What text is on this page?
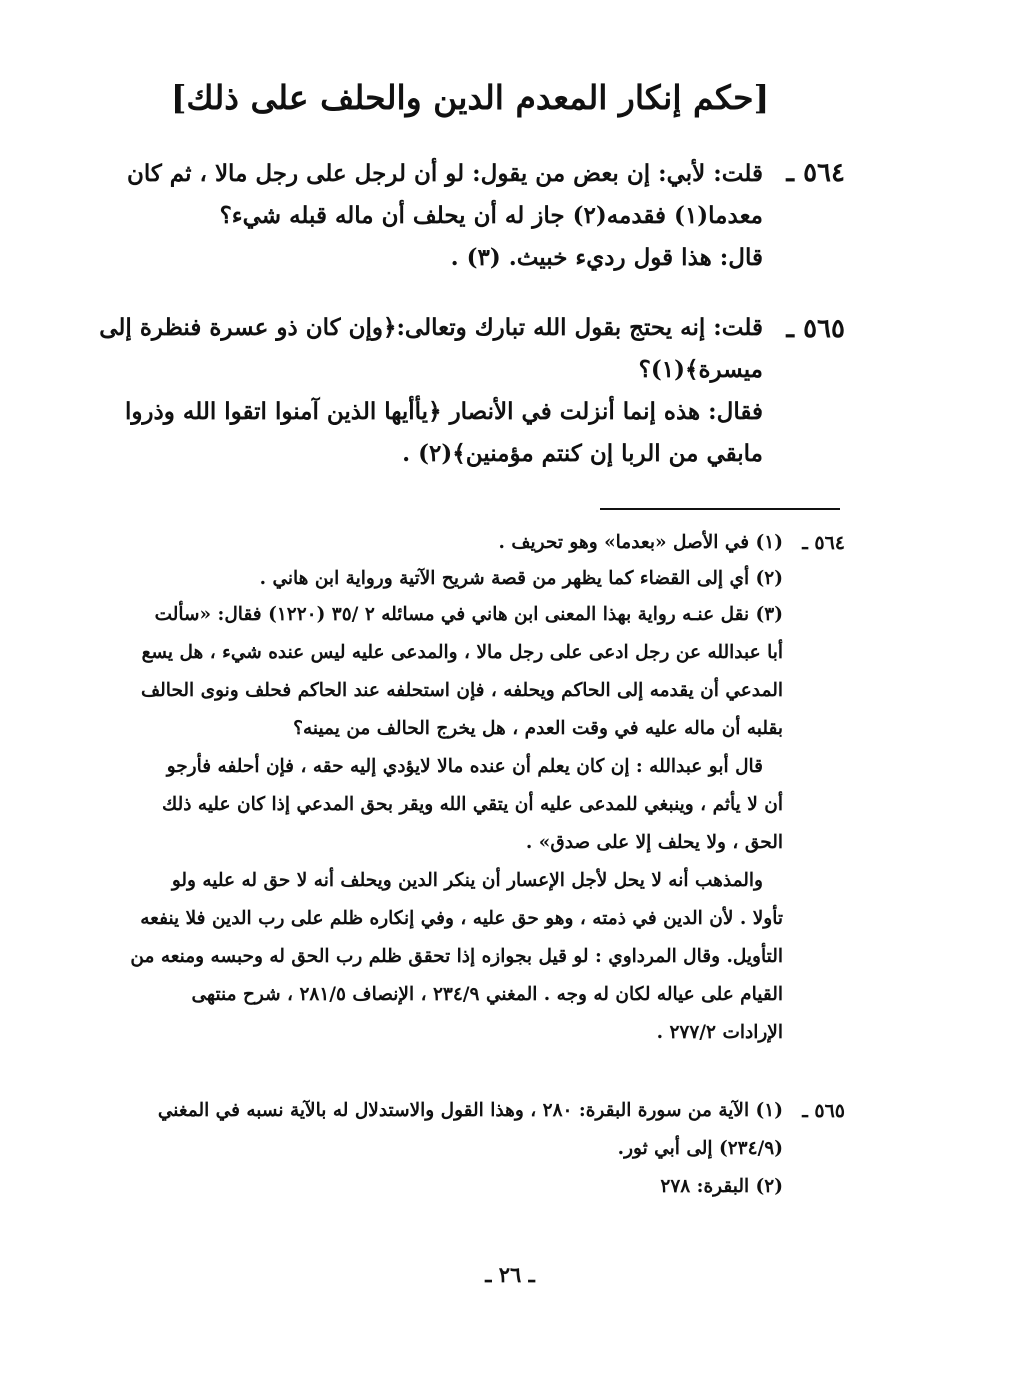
[حكم إنكار المعدم الدين والحلف على ذلك]
٥٦٤ ـ
قلت: لأبي: إن بعض من يقول: لو أن لرجل على رجل مالا ، ثم كان
معدما(١) فقدمه(٢) جاز له أن يحلف أن ماله قبله شيء؟
قال: هذا قول رديء خبيث. (٣) .
٥٦٥ ـ
قلت: إنه يحتج بقول الله تبارك وتعالى:﴿وإن كان ذو عسرة فنظرة إلى
ميسرة﴾(١)؟
فقال: هذه إنما أنزلت في الأنصار ﴿يأأيها الذين آمنوا اتقوا الله وذروا
مابقي من الربا إن كنتم مؤمنين﴾(٢) .
٥٦٤ ـ
(١) في الأصل «بعدما» وهو تحريف .
(٢) أي إلى القضاء كما يظهر من قصة شريح الآتية ورواية ابن هاني .
(٣) نقل عنـه رواية بهذا المعنى ابن هاني في مسائله ٢ /٣٥ (١٢٢٠) فقال: «سألت
أبا عبدالله عن رجل ادعى على رجل مالا ، والمدعى عليه ليس عنده شيء ، هل يسع
المدعي أن يقدمه إلى الحاكم ويحلفه ، فإن استحلفه عند الحاكم فحلف ونوى الحالف
بقلبه أن ماله عليه في وقت العدم ، هل يخرج الحالف من يمينه؟
قال أبو عبدالله : إن كان يعلم أن عنده مالا لايؤدي إليه حقه ، فإن أحلفه فأرجو
أن لا يأثم ، وينبغي للمدعى عليه أن يتقي الله ويقر بحق المدعي إذا كان عليه ذلك
الحق ، ولا يحلف إلا على صدق» .
والمذهب أنه لا يحل لأجل الإعسار أن ينكر الدين ويحلف أنه لا حق له عليه ولو
تأولا . لأن الدين في ذمته ، وهو حق عليه ، وفي إنكاره ظلم على رب الدين فلا ينفعه
التأويل. وقال المرداوي : لو قيل بجوازه إذا تحقق ظلم رب الحق له وحبسه ومنعه من
القيام على عياله لكان له وجه . المغني ٢٣٤/٩ ، الإنصاف ٢٨١/٥ ، شرح منتهى
الإرادات ٢٧٧/٢ .
٥٦٥ ـ
(١) الآية من سورة البقرة: ٢٨٠ ، وهذا القول والاستدلال له بالآية نسبه في المغني
(٢٣٤/٩) إلى أبي ثور.
(٢) البقرة: ٢٧٨
ـ ٢٦ ـ
